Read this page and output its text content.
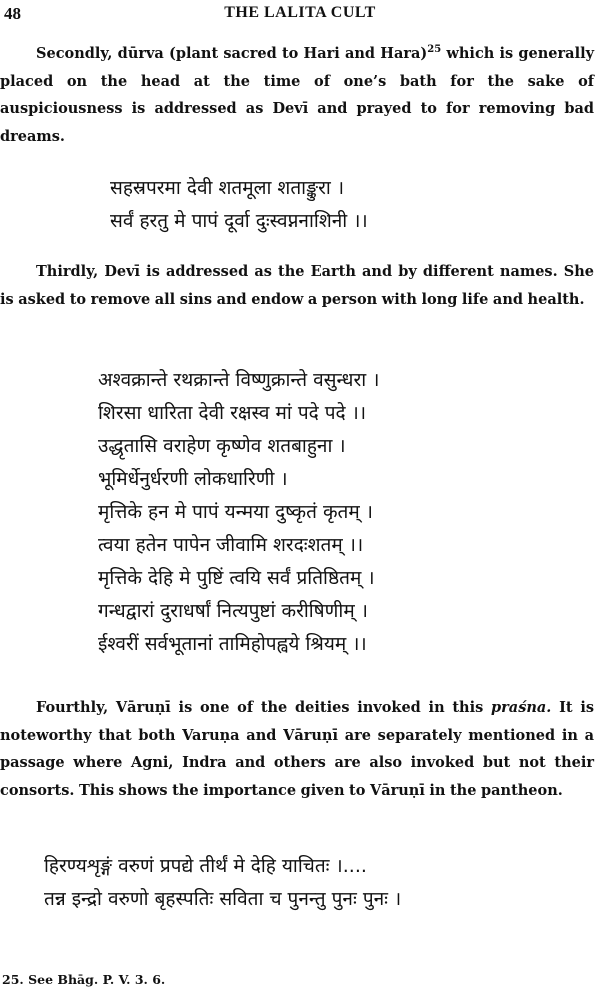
48	THE LALITA CULT

Secondly, dūrva (plant sacred to Hari and Hara)$^{25}$ which is generally placed on the head at the time of one’s bath for the sake of auspiciousness is addressed as Devī and prayed to for removing bad dreams.

सहस्रपरमा देवी शतमूला शताङ्कुरा ।
सर्वं हरतु मे पापं दूर्वा दुःस्वप्ननाशिनी ।।

Thirdly, Devī is addressed as the Earth and by different names. She is asked to remove all sins and endow a person with long life and health.

अश्वक्रान्ते रथक्रान्ते विष्णुक्रान्ते वसुन्धरा ।
शिरसा धारिता देवी रक्षस्व मां पदे पदे ।।
उद्धृतासि वराहेण कृष्णेव शतबाहुना ।
भूमिर्धेनुर्धरणी लोकधारिणी ।
मृत्तिके हन मे पापं यन्मया दुष्कृतं कृतम् ।
त्वया हतेन पापेन जीवामि शरदःशतम् ।।
मृत्तिके देहि मे पुष्टिं त्वयि सर्वं प्रतिष्ठितम् ।
गन्धद्वारां दुराधर्षां नित्यपुष्टां करीषिणीम् ।
ईश्वरीं सर्वभूतानां तामिहोपह्वये श्रियम् ।।

Fourthly, Vāruṇī is one of the deities invoked in this praśna. It is noteworthy that both Varuṇa and Vāruṇī are separately mentioned in a passage where Agni, Indra and others are also invoked but not their consorts. This shows the importance given to Vāruṇī in the pantheon.

हिरण्यशृङ्गं वरुणं प्रपद्ये तीर्थं मे देहि याचितः ।....
तन्न इन्द्रो वरुणो बृहस्पतिः सविता च पुनन्तु पुनः पुनः ।
25. See Bhāg. P. V. 3. 6.
